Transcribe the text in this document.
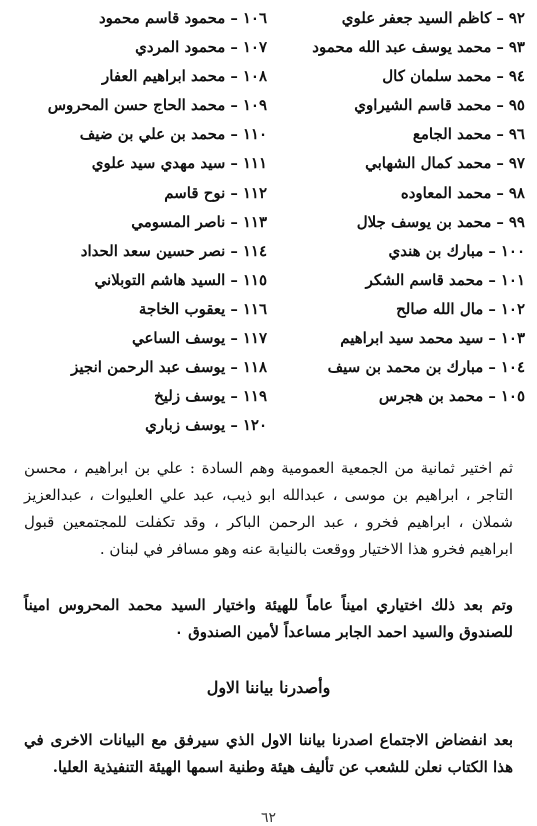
٩٢–كاظم السيد جعفر علوي
٩٣–محمد يوسف عبد الله محمود
٩٤–محمد سلمان كال
٩٥–محمد قاسم الشيراوي
٩٦–محمد الجامع
٩٧–محمد كمال الشهابي
٩٨–محمد المعاوده
٩٩–محمد بن يوسف جلال
١٠٠–مبارك بن هندي
١٠١–محمد قاسم الشكر
١٠٢–مال الله صالح
١٠٣–سيد محمد سيد ابراهيم
١٠٤–مبارك بن محمد بن سيف
١٠٥–محمد بن هجرس
١٠٦–محمود قاسم محمود
١٠٧–محمود المردي
١٠٨–محمد ابراهيم العفار
١٠٩–محمد الحاج حسن المحروس
١١٠–محمد بن علي بن ضيف
١١١–سيد مهدي سيد علوي
١١٢–نوح قاسم
١١٣–ناصر المسومي
١١٤–نصر حسين سعد الحداد
١١٥–السيد هاشم التوبلاني
١١٦–يعقوب الخاجة
١١٧–يوسف الساعي
١١٨–يوسف عبد الرحمن انجيز
١١٩–يوسف زليخ
١٢٠–يوسف زباري

ثم اختير ثمانية من الجمعية العمومية وهم السادة : علي بن ابراهيم ، محسن التاجر ، ابراهيم بن موسى ، عبدالله ابو ذيب، عبد علي العليوات ، عبدالعزيز شملان ، ابراهيم فخرو ، عبد الرحمن الباكر ، وقد تكفلت للمجتمعين قبول ابراهيم فخرو هذا الاختيار ووقعت بالنيابة عنه وهو مسافر في لبنان .

وتم بعد ذلك اختياري اميناً عاماً للهيئة واختيار السيد محمد المحروس اميناً للصندوق والسيد احمد الجابر مساعداً لأمين الصندوق ٠

وأصدرنا بياننا الاول

بعد انفضاض الاجتماع اصدرنا بياننا الاول الذي سيرفق مع البيانات الاخرى في هذا الكتاب نعلن للشعب عن تأليف هيئة وطنية اسمها الهيئة التنفيذية العليا.

٦٢
